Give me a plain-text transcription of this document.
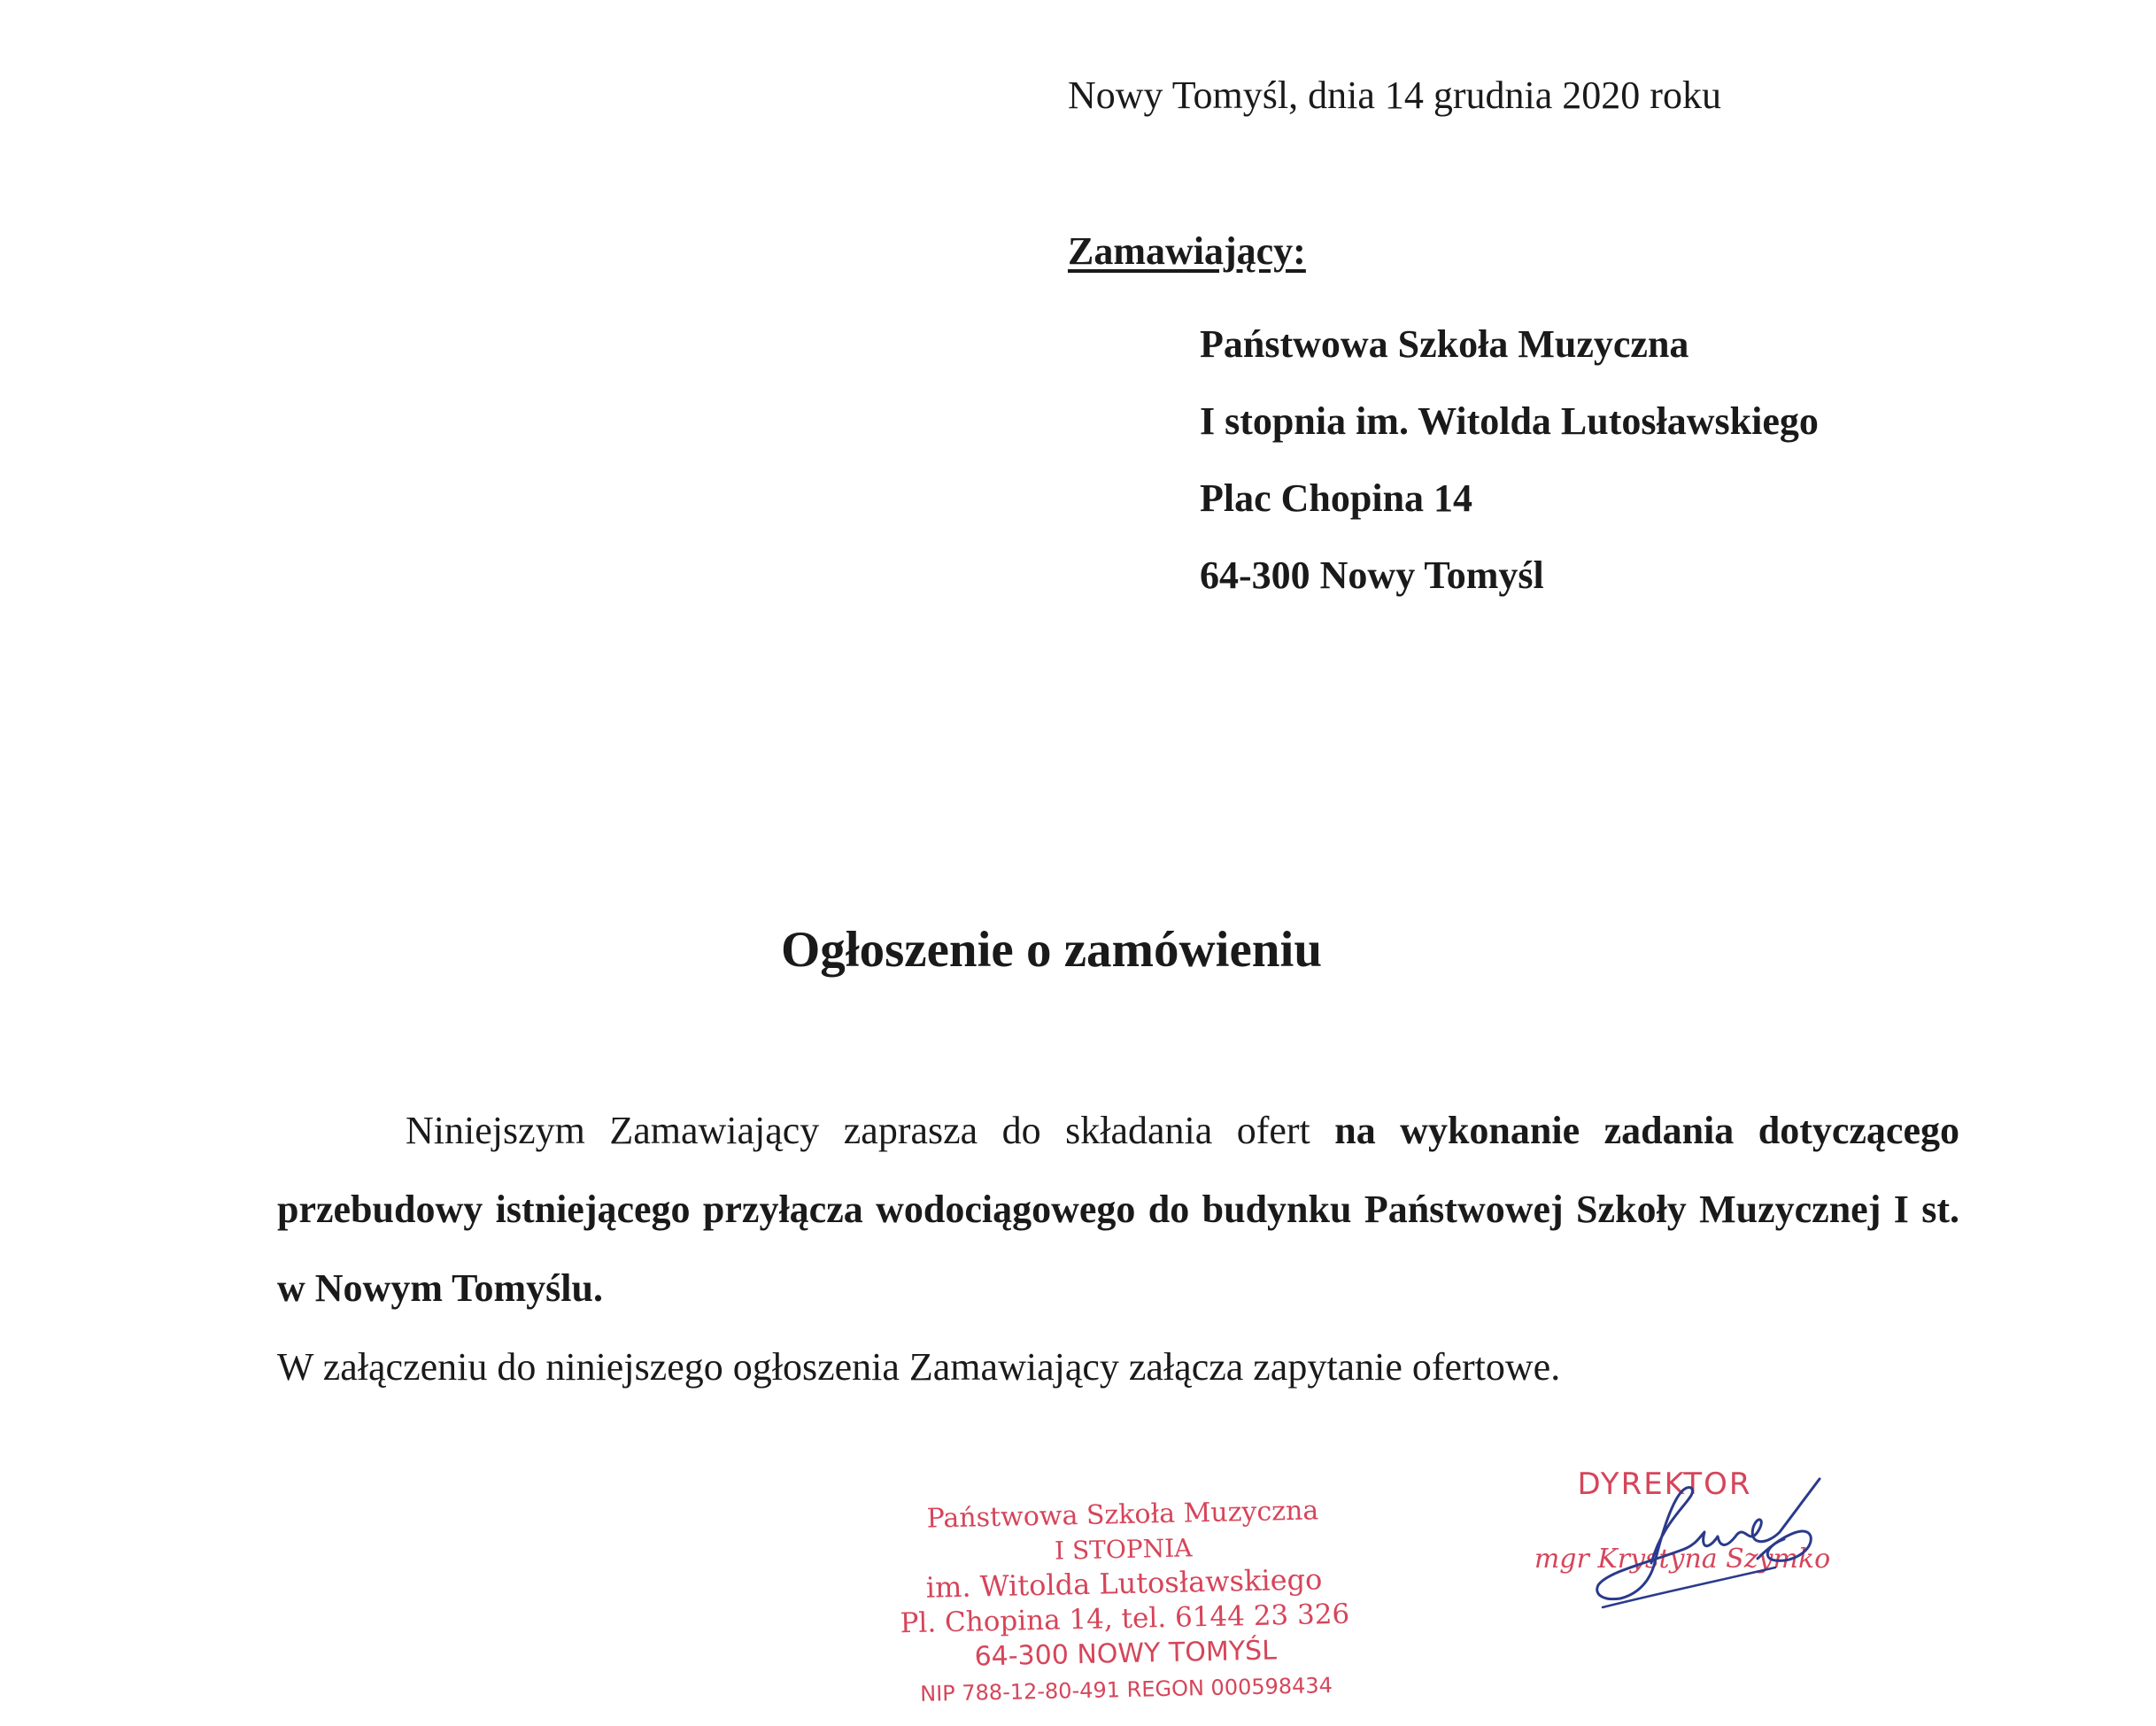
Nowy Tomyśl, dnia 14 grudnia 2020 roku
Zamawiający:
Państwowa Szkoła Muzyczna
I stopnia im. Witolda Lutosławskiego
Plac Chopina 14
64-300 Nowy Tomyśl
Ogłoszenie o zamówieniu
Niniejszym Zamawiający zaprasza do składania ofert na wykonanie zadania dotyczącego przebudowy istniejącego przyłącza wodociągowego do budynku Państwowej Szkoły Muzycznej I st. w Nowym Tomyślu.
W załączeniu do niniejszego ogłoszenia Zamawiający załącza zapytanie ofertowe.
Państwowa Szkoła Muzyczna
I STOPNIA
im. Witolda Lutosławskiego
Pl. Chopina 14, tel. 6144 23 326
64-300 NOWY TOMYŚL
NIP 788-12-80-491 REGON 000598434
DYREKTOR
mgr Krystyna Szymko
